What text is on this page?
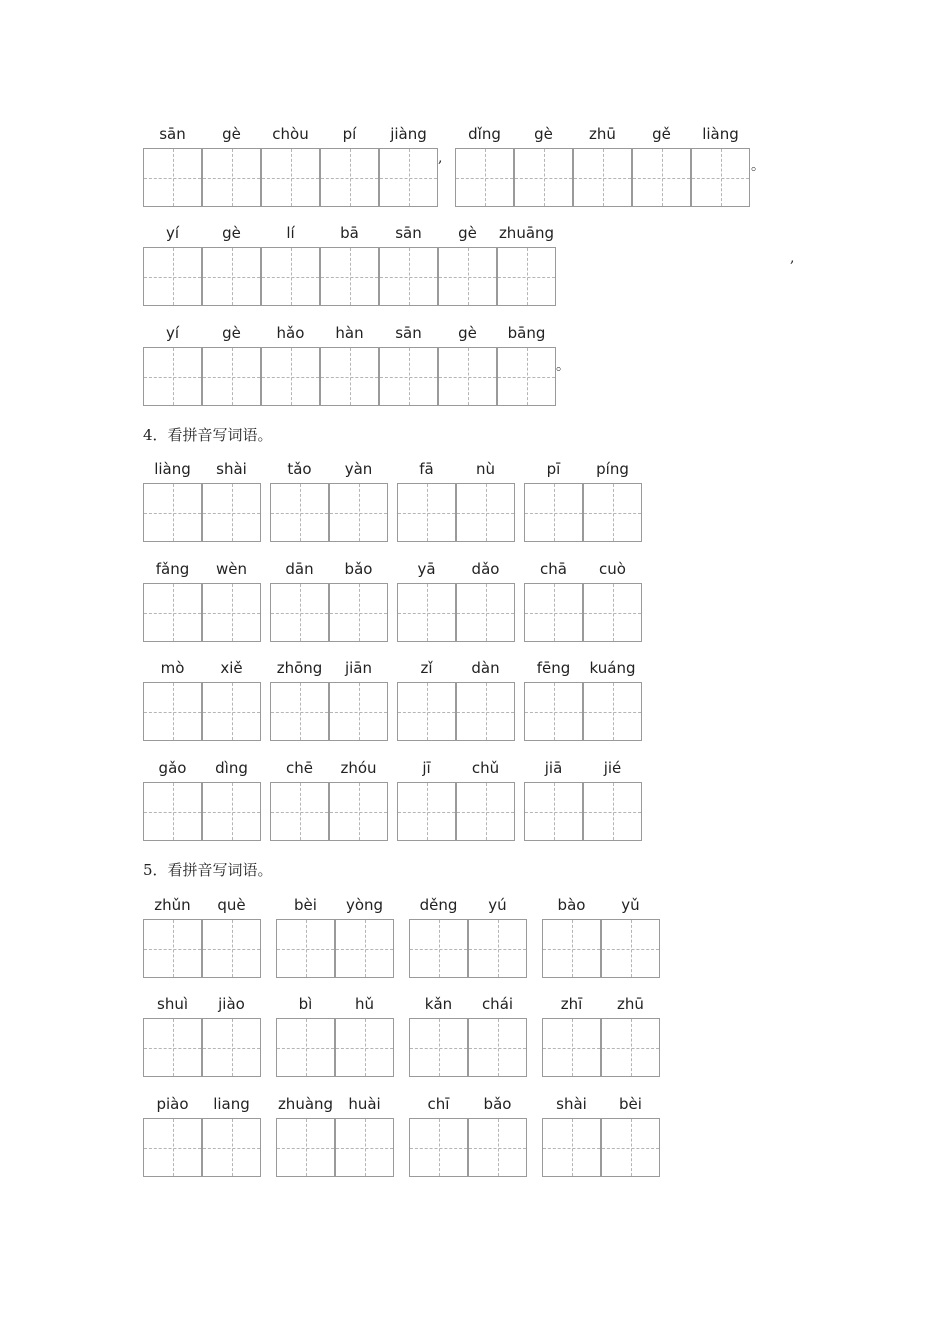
sān	gè	chòu	pí	jiàng	dǐng	gè	zhū	gě	liàng
,	。
yí	gè	lí	bā	sān	gè	zhuāng
,
yí	gè	hǎo	hàn	sān	gè	bāng
。
liàng	shài	tǎo	yàn	fā	nù	pī	píng
fǎng	wèn	dān	bǎo	yā	dǎo	chā	cuò
mò	xiě	zhōng	jiān	zǐ	dàn	fēng	kuáng
gǎo	dìng	chē	zhóu	jī	chǔ	jiā	jié
zhǔn	què	bèi	yòng	děng	yú	bào	yǔ
shuì	jiào	bì	hǔ	kǎn	chái	zhī	zhū
piào	liang	zhuàng	huài	chī	bǎo	shài	bèi
4．看拼音写词语。
5．看拼音写词语。
